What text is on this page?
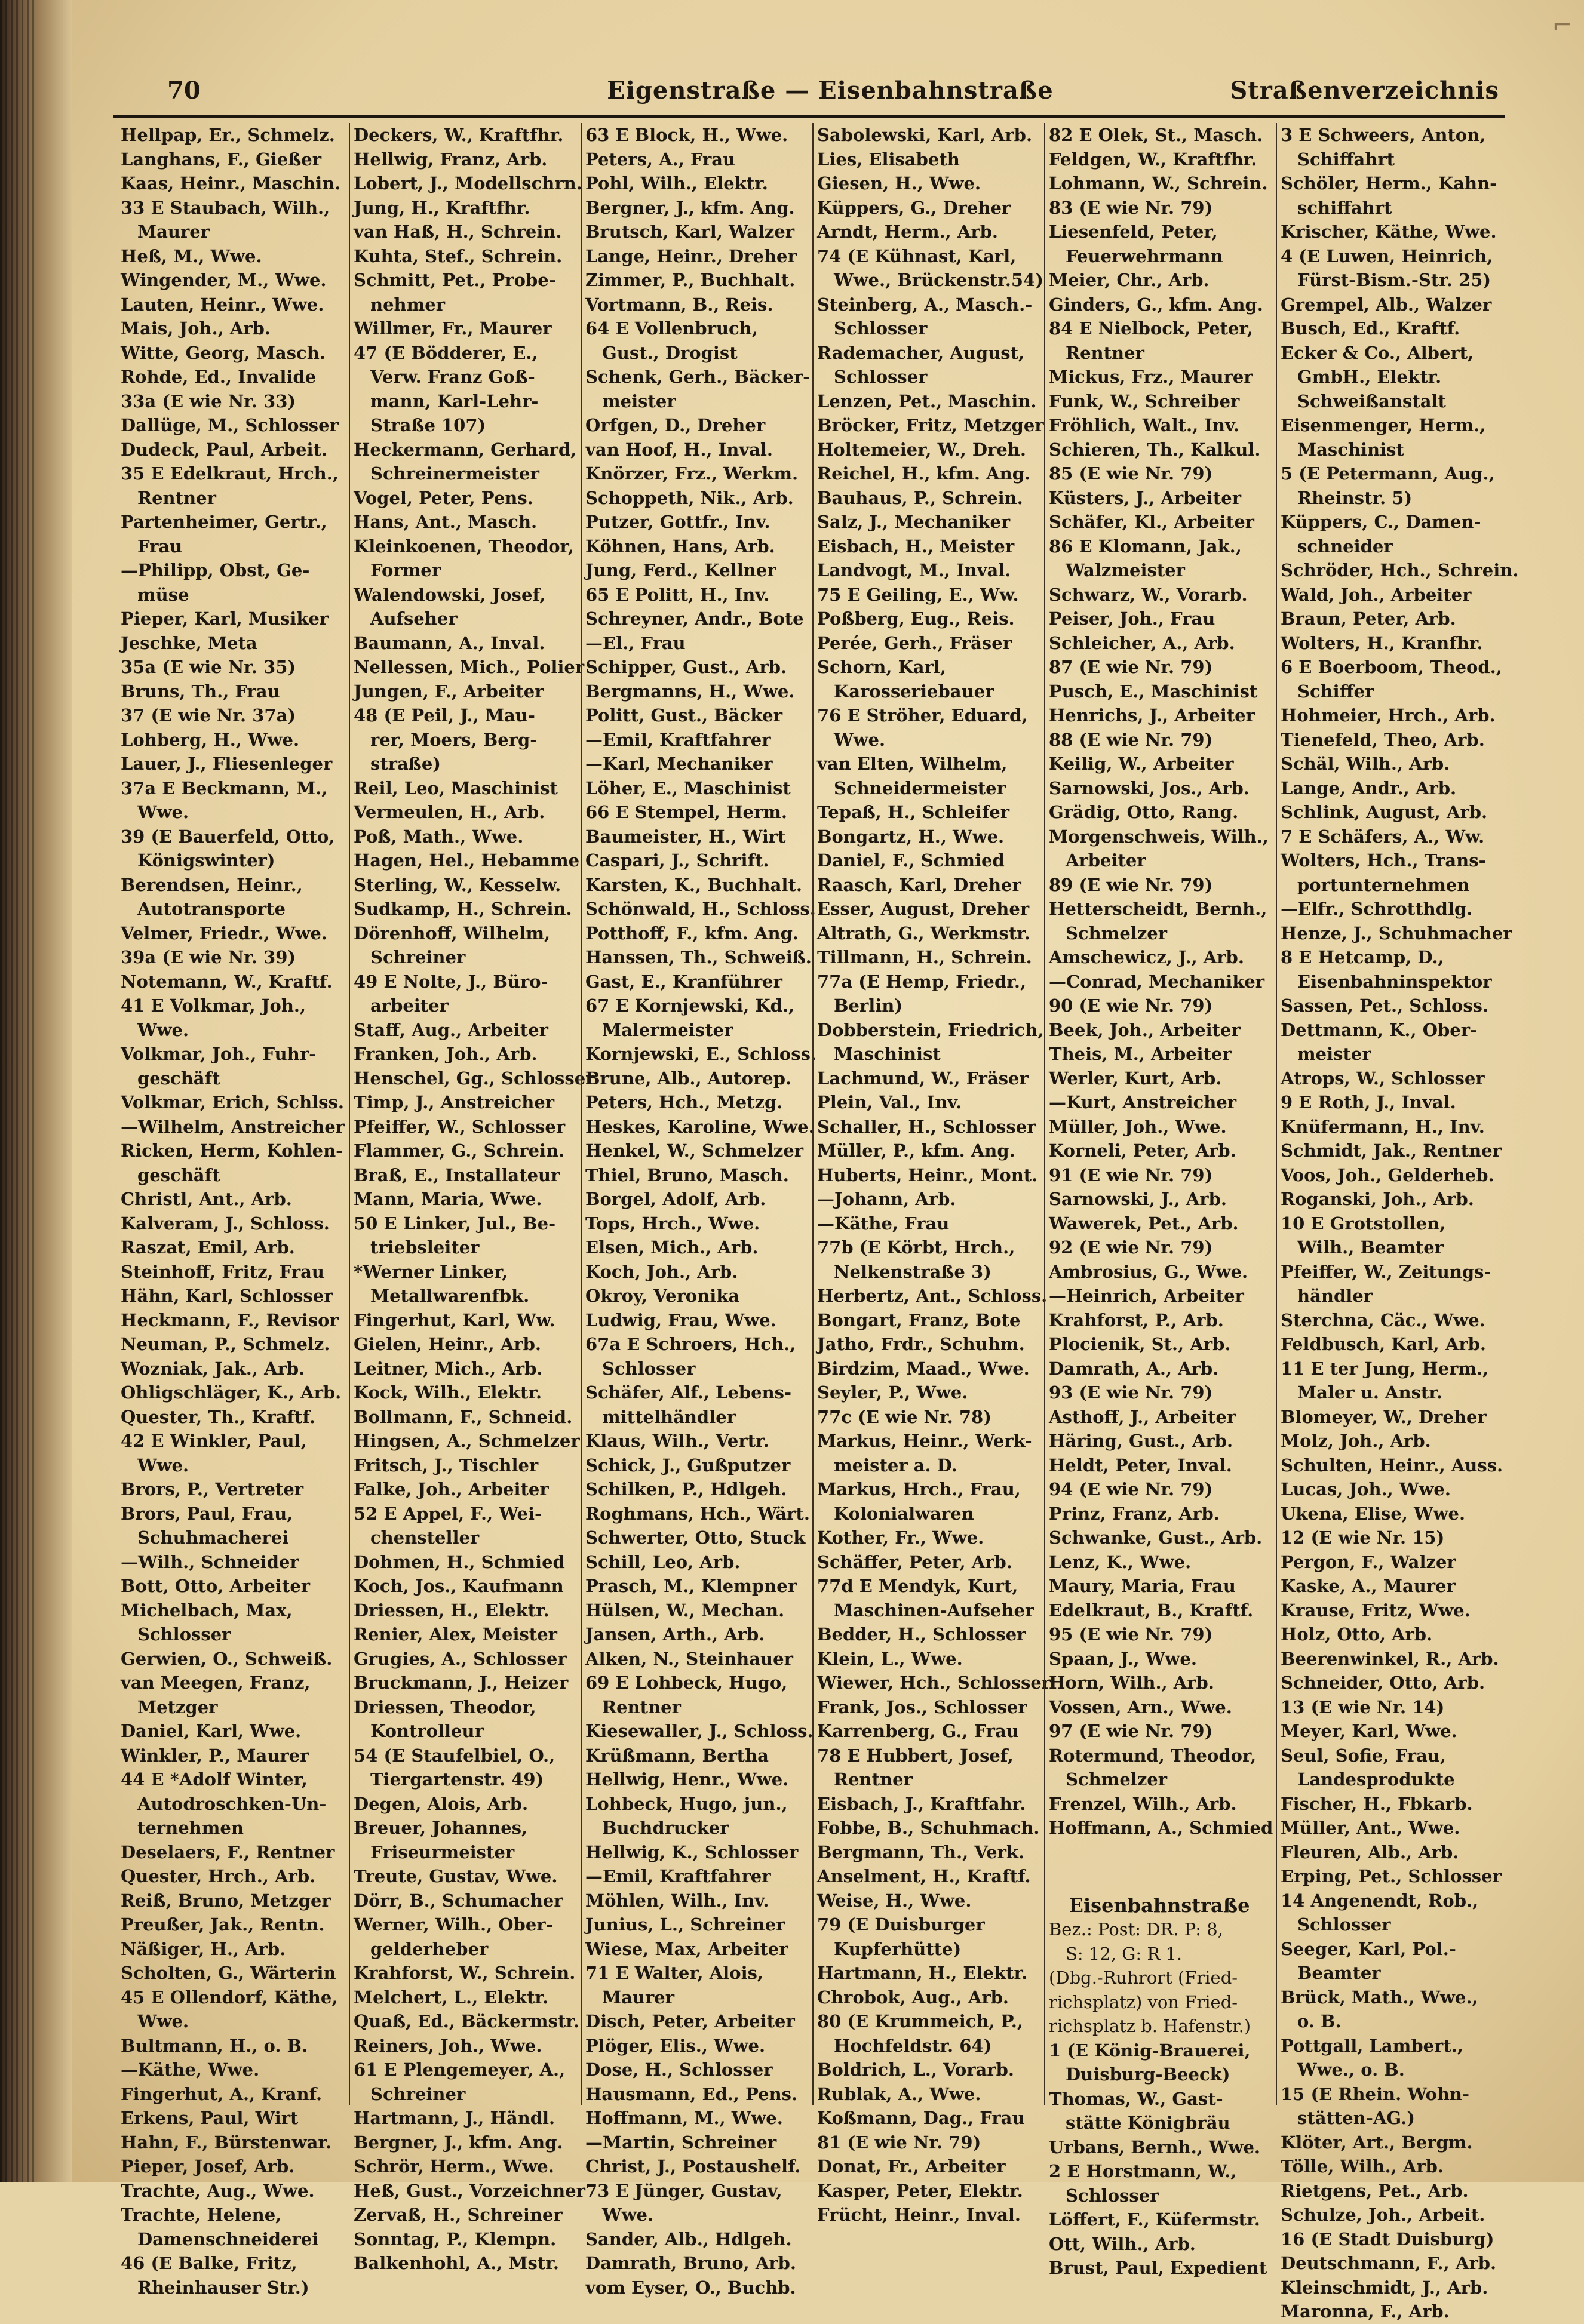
⌐
70	Eigenstraße — Eisenbahnstraße	Straßenverzeichnis
Hellpap, Er., Schmelz.
Langhans, F., Gießer
Kaas, Heinr., Maschin.
33 E Staubach, Wilh.,
Maurer
Heß, M., Wwe.
Wingender, M., Wwe.
Lauten, Heinr., Wwe.
Mais, Joh., Arb.
Witte, Georg, Masch.
Rohde, Ed., Invalide
33a (E wie Nr. 33)
Dallüge, M., Schlosser
Dudeck, Paul, Arbeit.
35 E Edelkraut, Hrch.,
Rentner
Partenheimer, Gertr.,
Frau
—Philipp, Obst, Ge-
müse
Pieper, Karl, Musiker
Jeschke, Meta
35a (E wie Nr. 35)
Bruns, Th., Frau
37 (E wie Nr. 37a)
Lohberg, H., Wwe.
Lauer, J., Fliesenleger
37a E Beckmann, M.,
Wwe.
39 (E Bauerfeld, Otto,
Königswinter)
Berendsen, Heinr.,
Autotransporte
Velmer, Friedr., Wwe.
39a (E wie Nr. 39)
Notemann, W., Kraftf.
41 E Volkmar, Joh.,
Wwe.
Volkmar, Joh., Fuhr-
geschäft
Volkmar, Erich, Schlss.
—Wilhelm, Anstreicher
Ricken, Herm, Kohlen-
geschäft
Christl, Ant., Arb.
Kalveram, J., Schloss.
Raszat, Emil, Arb.
Steinhoff, Fritz, Frau
Hähn, Karl, Schlosser
Heckmann, F., Revisor
Neuman, P., Schmelz.
Wozniak, Jak., Arb.
Ohligschläger, K., Arb.
Quester, Th., Kraftf.
42 E Winkler, Paul,
Wwe.
Brors, P., Vertreter
Brors, Paul, Frau,
Schuhmacherei
—Wilh., Schneider
Bott, Otto, Arbeiter
Michelbach, Max,
Schlosser
Gerwien, O., Schweiß.
van Meegen, Franz,
Metzger
Daniel, Karl, Wwe.
Winkler, P., Maurer
44 E *Adolf Winter,
Autodroschken-Un-
ternehmen
Deselaers, F., Rentner
Quester, Hrch., Arb.
Reiß, Bruno, Metzger
Preußer, Jak., Rentn.
Näßiger, H., Arb.
Scholten, G., Wärterin
45 E Ollendorf, Käthe,
Wwe.
Bultmann, H., o. B.
—Käthe, Wwe.
Fingerhut, A., Kranf.
Erkens, Paul, Wirt
Hahn, F., Bürstenwar.
Pieper, Josef, Arb.
Trachte, Aug., Wwe.
Trachte, Helene,
Damenschneiderei
46 (E Balke, Fritz,
Rheinhauser Str.)
Deckers, W., Kraftfhr.
Hellwig, Franz, Arb.
Lobert, J., Modellschrn.
Jung, H., Kraftfhr.
van Haß, H., Schrein.
Kuhta, Stef., Schrein.
Schmitt, Pet., Probe-
nehmer
Willmer, Fr., Maurer
47 (E Bödderer, E.,
Verw. Franz Goß-
mann, Karl-Lehr-
Straße 107)
Heckermann, Gerhard,
Schreinermeister
Vogel, Peter, Pens.
Hans, Ant., Masch.
Kleinkoenen, Theodor,
Former
Walendowski, Josef,
Aufseher
Baumann, A., Inval.
Nellessen, Mich., Polier
Jungen, F., Arbeiter
48 (E Peil, J., Mau-
rer, Moers, Berg-
straße)
Reil, Leo, Maschinist
Vermeulen, H., Arb.
Poß, Math., Wwe.
Hagen, Hel., Hebamme
Sterling, W., Kesselw.
Sudkamp, H., Schrein.
Dörenhoff, Wilhelm,
Schreiner
49 E Nolte, J., Büro-
arbeiter
Staff, Aug., Arbeiter
Franken, Joh., Arb.
Henschel, Gg., Schlosser
Timp, J., Anstreicher
Pfeiffer, W., Schlosser
Flammer, G., Schrein.
Braß, E., Installateur
Mann, Maria, Wwe.
50 E Linker, Jul., Be-
triebsleiter
*Werner Linker,
Metallwarenfbk.
Fingerhut, Karl, Ww.
Gielen, Heinr., Arb.
Leitner, Mich., Arb.
Kock, Wilh., Elektr.
Bollmann, F., Schneid.
Hingsen, A., Schmelzer
Fritsch, J., Tischler
Falke, Joh., Arbeiter
52 E Appel, F., Wei-
chensteller
Dohmen, H., Schmied
Koch, Jos., Kaufmann
Driessen, H., Elektr.
Renier, Alex, Meister
Grugies, A., Schlosser
Bruckmann, J., Heizer
Driessen, Theodor,
Kontrolleur
54 (E Staufelbiel, O.,
Tiergartenstr. 49)
Degen, Alois, Arb.
Breuer, Johannes,
Friseurmeister
Treute, Gustav, Wwe.
Dörr, B., Schumacher
Werner, Wilh., Ober-
gelderheber
Krahforst, W., Schrein.
Melchert, L., Elektr.
Quaß, Ed., Bäckermstr.
Reiners, Joh., Wwe.
61 E Plengemeyer, A.,
Schreiner
Hartmann, J., Händl.
Bergner, J., kfm. Ang.
Schrör, Herm., Wwe.
Heß, Gust., Vorzeichner
Zervaß, H., Schreiner
Sonntag, P., Klempn.
Balkenhohl, A., Mstr.
63 E Block, H., Wwe.
Peters, A., Frau
Pohl, Wilh., Elektr.
Bergner, J., kfm. Ang.
Brutsch, Karl, Walzer
Lange, Heinr., Dreher
Zimmer, P., Buchhalt.
Vortmann, B., Reis.
64 E Vollenbruch,
Gust., Drogist
Schenk, Gerh., Bäcker-
meister
Orfgen, D., Dreher
van Hoof, H., Inval.
Knörzer, Frz., Werkm.
Schoppeth, Nik., Arb.
Putzer, Gottfr., Inv.
Köhnen, Hans, Arb.
Jung, Ferd., Kellner
65 E Politt, H., Inv.
Schreyner, Andr., Bote
—El., Frau
Schipper, Gust., Arb.
Bergmanns, H., Wwe.
Politt, Gust., Bäcker
—Emil, Kraftfahrer
—Karl, Mechaniker
Löher, E., Maschinist
66 E Stempel, Herm.
Baumeister, H., Wirt
Caspari, J., Schrift.
Karsten, K., Buchhalt.
Schönwald, H., Schloss.
Potthoff, F., kfm. Ang.
Hanssen, Th., Schweiß.
Gast, E., Kranführer
67 E Kornjewski, Kd.,
Malermeister
Kornjewski, E., Schloss.
Brune, Alb., Autorep.
Peters, Hch., Metzg.
Heskes, Karoline, Wwe.
Henkel, W., Schmelzer
Thiel, Bruno, Masch.
Borgel, Adolf, Arb.
Tops, Hrch., Wwe.
Elsen, Mich., Arb.
Koch, Joh., Arb.
Okroy, Veronika
Ludwig, Frau, Wwe.
67a E Schroers, Hch.,
Schlosser
Schäfer, Alf., Lebens-
mittelhändler
Klaus, Wilh., Vertr.
Schick, J., Gußputzer
Schilken, P., Hdlgeh.
Roghmans, Hch., Wärt.
Schwerter, Otto, Stuck
Schill, Leo, Arb.
Prasch, M., Klempner
Hülsen, W., Mechan.
Jansen, Arth., Arb.
Alken, N., Steinhauer
69 E Lohbeck, Hugo,
Rentner
Kiesewaller, J., Schloss.
Krüßmann, Bertha
Hellwig, Henr., Wwe.
Lohbeck, Hugo, jun.,
Buchdrucker
Hellwig, K., Schlosser
—Emil, Kraftfahrer
Möhlen, Wilh., Inv.
Junius, L., Schreiner
Wiese, Max, Arbeiter
71 E Walter, Alois,
Maurer
Disch, Peter, Arbeiter
Plöger, Elis., Wwe.
Dose, H., Schlosser
Hausmann, Ed., Pens.
Hoffmann, M., Wwe.
—Martin, Schreiner
Christ, J., Postaushelf.
73 E Jünger, Gustav,
Wwe.
Sander, Alb., Hdlgeh.
Damrath, Bruno, Arb.
vom Eyser, O., Buchb.
Sabolewski, Karl, Arb.
Lies, Elisabeth
Giesen, H., Wwe.
Küppers, G., Dreher
Arndt, Herm., Arb.
74 (E Kühnast, Karl,
Wwe., Brückenstr.54)
Steinberg, A., Masch.-
Schlosser
Rademacher, August,
Schlosser
Lenzen, Pet., Maschin.
Bröcker, Fritz, Metzger
Holtemeier, W., Dreh.
Reichel, H., kfm. Ang.
Bauhaus, P., Schrein.
Salz, J., Mechaniker
Eisbach, H., Meister
Landvogt, M., Inval.
75 E Geiling, E., Ww.
Poßberg, Eug., Reis.
Perée, Gerh., Fräser
Schorn, Karl,
Karosseriebauer
76 E Ströher, Eduard,
Wwe.
van Elten, Wilhelm,
Schneidermeister
Tepaß, H., Schleifer
Bongartz, H., Wwe.
Daniel, F., Schmied
Raasch, Karl, Dreher
Esser, August, Dreher
Altrath, G., Werkmstr.
Tillmann, H., Schrein.
77a (E Hemp, Friedr.,
Berlin)
Dobberstein, Friedrich,
Maschinist
Lachmund, W., Fräser
Plein, Val., Inv.
Schaller, H., Schlosser
Müller, P., kfm. Ang.
Huberts, Heinr., Mont.
—Johann, Arb.
—Käthe, Frau
77b (E Körbt, Hrch.,
Nelkenstraße 3)
Herbertz, Ant., Schloss.
Bongart, Franz, Bote
Jatho, Frdr., Schuhm.
Birdzim, Maad., Wwe.
Seyler, P., Wwe.
77c (E wie Nr. 78)
Markus, Heinr., Werk-
meister a. D.
Markus, Hrch., Frau,
Kolonialwaren
Kother, Fr., Wwe.
Schäffer, Peter, Arb.
77d E Mendyk, Kurt,
Maschinen-Aufseher
Bedder, H., Schlosser
Klein, L., Wwe.
Wiewer, Hch., Schlosser
Frank, Jos., Schlosser
Karrenberg, G., Frau
78 E Hubbert, Josef,
Rentner
Eisbach, J., Kraftfahr.
Fobbe, B., Schuhmach.
Bergmann, Th., Verk.
Anselment, H., Kraftf.
Weise, H., Wwe.
79 (E Duisburger
Kupferhütte)
Hartmann, H., Elektr.
Chrobok, Aug., Arb.
80 (E Krummeich, P.,
Hochfeldstr. 64)
Boldrich, L., Vorarb.
Rublak, A., Wwe.
Koßmann, Dag., Frau
81 (E wie Nr. 79)
Donat, Fr., Arbeiter
Kasper, Peter, Elektr.
Frücht, Heinr., Inval.
82 E Olek, St., Masch.
Feldgen, W., Kraftfhr.
Lohmann, W., Schrein.
83 (E wie Nr. 79)
Liesenfeld, Peter,
Feuerwehrmann
Meier, Chr., Arb.
Ginders, G., kfm. Ang.
84 E Nielbock, Peter,
Rentner
Mickus, Frz., Maurer
Funk, W., Schreiber
Fröhlich, Walt., Inv.
Schieren, Th., Kalkul.
85 (E wie Nr. 79)
Küsters, J., Arbeiter
Schäfer, Kl., Arbeiter
86 E Klomann, Jak.,
Walzmeister
Schwarz, W., Vorarb.
Peiser, Joh., Frau
Schleicher, A., Arb.
87 (E wie Nr. 79)
Pusch, E., Maschinist
Henrichs, J., Arbeiter
88 (E wie Nr. 79)
Keilig, W., Arbeiter
Sarnowski, Jos., Arb.
Grädig, Otto, Rang.
Morgenschweis, Wilh.,
Arbeiter
89 (E wie Nr. 79)
Hetterscheidt, Bernh.,
Schmelzer
Amschewicz, J., Arb.
—Conrad, Mechaniker
90 (E wie Nr. 79)
Beek, Joh., Arbeiter
Theis, M., Arbeiter
Werler, Kurt, Arb.
—Kurt, Anstreicher
Müller, Joh., Wwe.
Korneli, Peter, Arb.
91 (E wie Nr. 79)
Sarnowski, J., Arb.
Wawerek, Pet., Arb.
92 (E wie Nr. 79)
Ambrosius, G., Wwe.
—Heinrich, Arbeiter
Krahforst, P., Arb.
Plocienik, St., Arb.
Damrath, A., Arb.
93 (E wie Nr. 79)
Asthoff, J., Arbeiter
Häring, Gust., Arb.
Heldt, Peter, Inval.
94 (E wie Nr. 79)
Prinz, Franz, Arb.
Schwanke, Gust., Arb.
Lenz, K., Wwe.
Maury, Maria, Frau
Edelkraut, B., Kraftf.
95 (E wie Nr. 79)
Spaan, J., Wwe.
Horn, Wilh., Arb.
Vossen, Arn., Wwe.
97 (E wie Nr. 79)
Rotermund, Theodor,
Schmelzer
Frenzel, Wilh., Arb.
Hoffmann, A., Schmied

Eisenbahnstraße
Bez.: Post: DR. P: 8,
S: 12, G: R 1.
(Dbg.-Ruhrort (Fried-
richsplatz) von Fried-
richsplatz b. Hafenstr.)
1 (E König-Brauerei,
Duisburg-Beeck)
Thomas, W., Gast-
stätte Königbräu
Urbans, Bernh., Wwe.
2 E Horstmann, W.,
Schlosser
Löffert, F., Küfermstr.
Ott, Wilh., Arb.
Brust, Paul, Expedient
3 E Schweers, Anton,
Schiffahrt
Schöler, Herm., Kahn-
schiffahrt
Krischer, Käthe, Wwe.
4 (E Luwen, Heinrich,
Fürst-Bism.-Str. 25)
Grempel, Alb., Walzer
Busch, Ed., Kraftf.
Ecker & Co., Albert,
GmbH., Elektr.
Schweißanstalt
Eisenmenger, Herm.,
Maschinist
5 (E Petermann, Aug.,
Rheinstr. 5)
Küppers, C., Damen-
schneider
Schröder, Hch., Schrein.
Wald, Joh., Arbeiter
Braun, Peter, Arb.
Wolters, H., Kranfhr.
6 E Boerboom, Theod.,
Schiffer
Hohmeier, Hrch., Arb.
Tienefeld, Theo, Arb.
Schäl, Wilh., Arb.
Lange, Andr., Arb.
Schlink, August, Arb.
7 E Schäfers, A., Ww.
Wolters, Hch., Trans-
portunternehmen
—Elfr., Schrotthdlg.
Henze, J., Schuhmacher
8 E Hetcamp, D.,
Eisenbahninspektor
Sassen, Pet., Schloss.
Dettmann, K., Ober-
meister
Atrops, W., Schlosser
9 E Roth, J., Inval.
Knüfermann, H., Inv.
Schmidt, Jak., Rentner
Voos, Joh., Gelderheb.
Roganski, Joh., Arb.
10 E Grotstollen,
Wilh., Beamter
Pfeiffer, W., Zeitungs-
händler
Sterchna, Cäc., Wwe.
Feldbusch, Karl, Arb.
11 E ter Jung, Herm.,
Maler u. Anstr.
Blomeyer, W., Dreher
Molz, Joh., Arb.
Schulten, Heinr., Auss.
Lucas, Joh., Wwe.
Ukena, Elise, Wwe.
12 (E wie Nr. 15)
Pergon, F., Walzer
Kaske, A., Maurer
Krause, Fritz, Wwe.
Holz, Otto, Arb.
Beerenwinkel, R., Arb.
Schneider, Otto, Arb.
13 (E wie Nr. 14)
Meyer, Karl, Wwe.
Seul, Sofie, Frau,
Landesprodukte
Fischer, H., Fbkarb.
Müller, Ant., Wwe.
Fleuren, Alb., Arb.
Erping, Pet., Schlosser
14 Angenendt, Rob.,
Schlosser
Seeger, Karl, Pol.-
Beamter
Brück, Math., Wwe.,
o. B.
Pottgall, Lambert.,
Wwe., o. B.
15 (E Rhein. Wohn-
stätten-AG.)
Klöter, Art., Bergm.
Tölle, Wilh., Arb.
Rietgens, Pet., Arb.
Schulze, Joh., Arbeit.
16 (E Stadt Duisburg)
Deutschmann, F., Arb.
Kleinschmidt, J., Arb.
Maronna, F., Arb.
